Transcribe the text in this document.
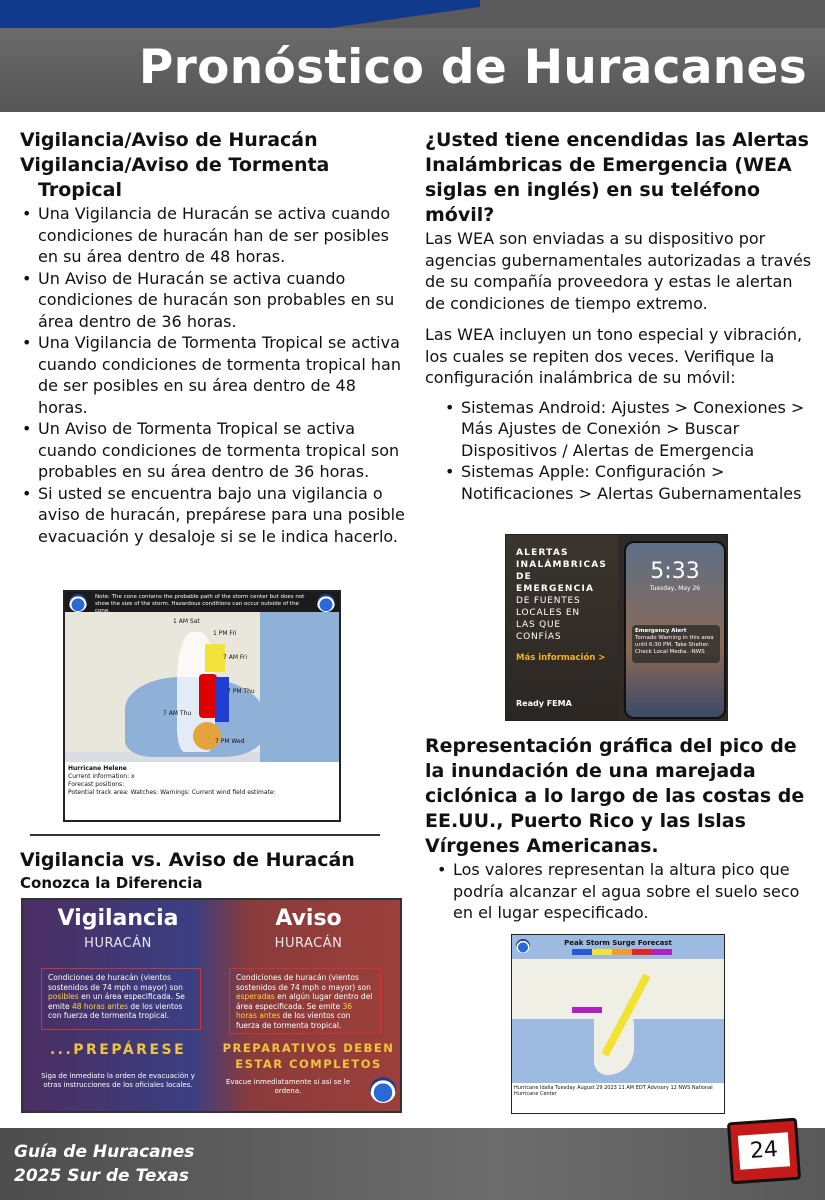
Pronóstico de Huracanes
Vigilancia/Aviso de Huracán
Vigilancia/Aviso de Tormenta
Tropical
• Una Vigilancia de Huracán se activa cuando condiciones de huracán han de ser posibles en su área dentro de 48 horas.
• Un Aviso de Huracán se activa cuando condiciones de huracán son probables en su área dentro de 36 horas.
• Una Vigilancia de Tormenta Tropical se activa cuando condiciones de tormenta tropical han de ser posibles en su área dentro de 48 horas.
• Un Aviso de Tormenta Tropical se activa cuando condiciones de tormenta tropical son probables en su área dentro de 36 horas.
• Si usted se encuentra bajo una vigilancia o aviso de huracán, prepárese para una posible evacuación y desaloje si se le indica hacerlo.
Note: The cone contains the probable path of the storm center but does not show the size of the storm. Hazardous conditions can occur outside of the cone.
1 AM Sat
1 PM Fri
7 AM Fri
7 PM Thu
7 AM Thu
7 PM Wed
Hurricane Helene
Current information: x
Forecast positions:
Potential track area: Watches: Warnings: Current wind field estimate:
Vigilancia vs. Aviso de Huracán
Conozca la Diferencia
Vigilancia
HURACÁN
Condiciones de huracán (vientos sostenidos de 74 mph o mayor) son posibles en un área especificada. Se emite 48 horas antes de los vientos con fuerza de tormenta tropical.
...PREPÁRESE
Siga de inmediato la orden de evacuación y otras instrucciones de los oficiales locales.
Aviso
HURACÁN
Condiciones de huracán (vientos sostenidos de 74 mph o mayor) son esperadas en algún lugar dentro del área especificada. Se emite 36 horas antes de los vientos con fuerza de tormenta tropical.
PREPARATIVOS DEBEN ESTAR COMPLETOS
Evacue inmediatamente si así se le ordena.
¿Usted tiene encendidas las Alertas Inalámbricas de Emergencia (WEA siglas en inglés) en su teléfono móvil?

Las WEA son enviadas a su dispositivo por agencias gubernamentales autorizadas a través de su compañía proveedora y estas le alertan de condiciones de tiempo extremo.

Las WEA incluyen un tono especial y vibración, los cuales se repiten dos veces. Verifique la configuración inalámbrica de su móvil:

• Sistemas Android: Ajustes > Conexiones > Más Ajustes de Conexión > Buscar Dispositivos / Alertas de Emergencia
• Sistemas Apple: Configuración > Notificaciones > Alertas Gubernamentales
ALERTAS
INALÁMBRICAS
DE
EMERGENCIA
DE FUENTES
LOCALES EN
LAS QUE
CONFÍAS
Más información >
Ready FEMA
5:33
Tuesday, May 26
Emergency Alert
Tornado Warning in this area until 6:30 PM. Take Shelter. Check Local Media. -NWS
Representación gráfica del pico de la inundación de una marejada ciclónica a lo largo de las costas de EE.UU., Puerto Rico y las Islas Vírgenes Americanas.
• Los valores representan la altura pico que podría alcanzar el agua sobre el suelo seco en el lugar especificado.
Peak Storm Surge Forecast
Hurricane Idalia Tuesday August 29 2023 11 AM EDT Advisory 12 NWS National Hurricane Center
Guía de Huracanes
2025 Sur de Texas
24
